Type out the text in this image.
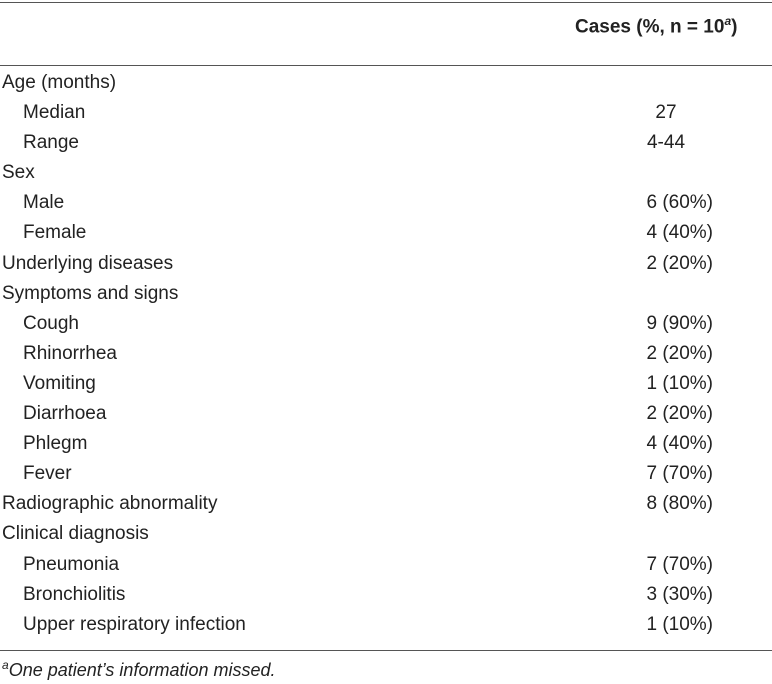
Cases (%, $n = 10^a$)
Age (months)
Median	27
Range	4-44
Sex
Male	6 (60%)
Female	4 (40%)
Underlying diseases	2 (20%)
Symptoms and signs
Cough	9 (90%)
Rhinorrhea	2 (20%)
Vomiting	1 (10%)
Diarrhoea	2 (20%)
Phlegm	4 (40%)
Fever	7 (70%)
Radiographic abnormality	8 (80%)
Clinical diagnosis
Pneumonia	7 (70%)
Bronchiolitis	3 (30%)
Upper respiratory infection	1 (10%)
$^a$One patient’s information missed.
